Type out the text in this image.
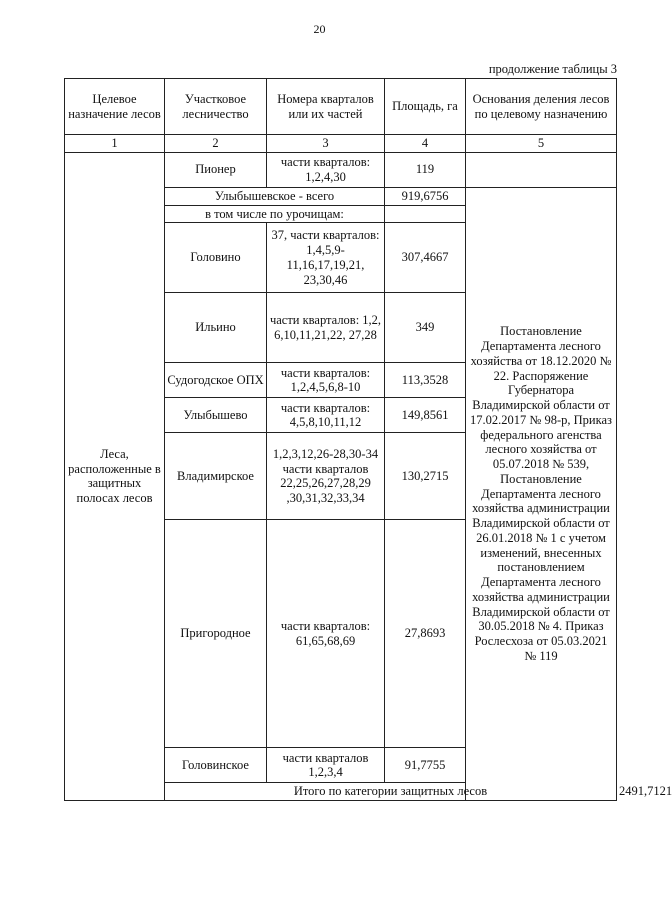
20
продолжение таблицы 3
Целевое назначение лесов	Участковое лесничество	Номера кварталов или их частей	Площадь, га	Основания деления лесов по целевому назначению	
1	2	3	4	5	
Леса, расположенные в защитных полосах лесов	Пионер	части кварталов: 1,2,4,30	119		
	Улыбышевское - всего		919,6756	Постановление Департамента лесного хозяйства от 18.12.2020 № 22. Распоряжение Губернатора Владимирской области от 17.02.2017 № 98-р, Приказ федерального агенства лесного хозяйства от 05.07.2018 № 539, Постановление Департамента лесного хозяйства администрации Владимирской области от 26.01.2018 № 1 с учетом изменений, внесенных постановлением Департамента лесного хозяйства администрации Владимирской области от 30.05.2018 № 4. Приказ Рослесхоза от 05.03.2021 № 119	
	в том числе по урочищам:				
	Головино	37, части кварталов: 1,4,5,9-11,16,17,19,21, 23,30,46	307,4667		
	Ильино	части кварталов: 1,2, 6,10,11,21,22, 27,28	349		
	Судогодское ОПХ	части кварталов: 1,2,4,5,6,8-10	113,3528		
	Улыбышево	части кварталов: 4,5,8,10,11,12	149,8561		
	Владимирское	1,2,3,12,26-28,30-34 части кварталов 22,25,26,27,28,29 ,30,31,32,33,34	130,2715		
	Пригородное	части кварталов: 61,65,68,69	27,8693		
	Головинское	части кварталов 1,2,3,4	91,7755		
	Итого по категории защитных лесов				2491,7121
